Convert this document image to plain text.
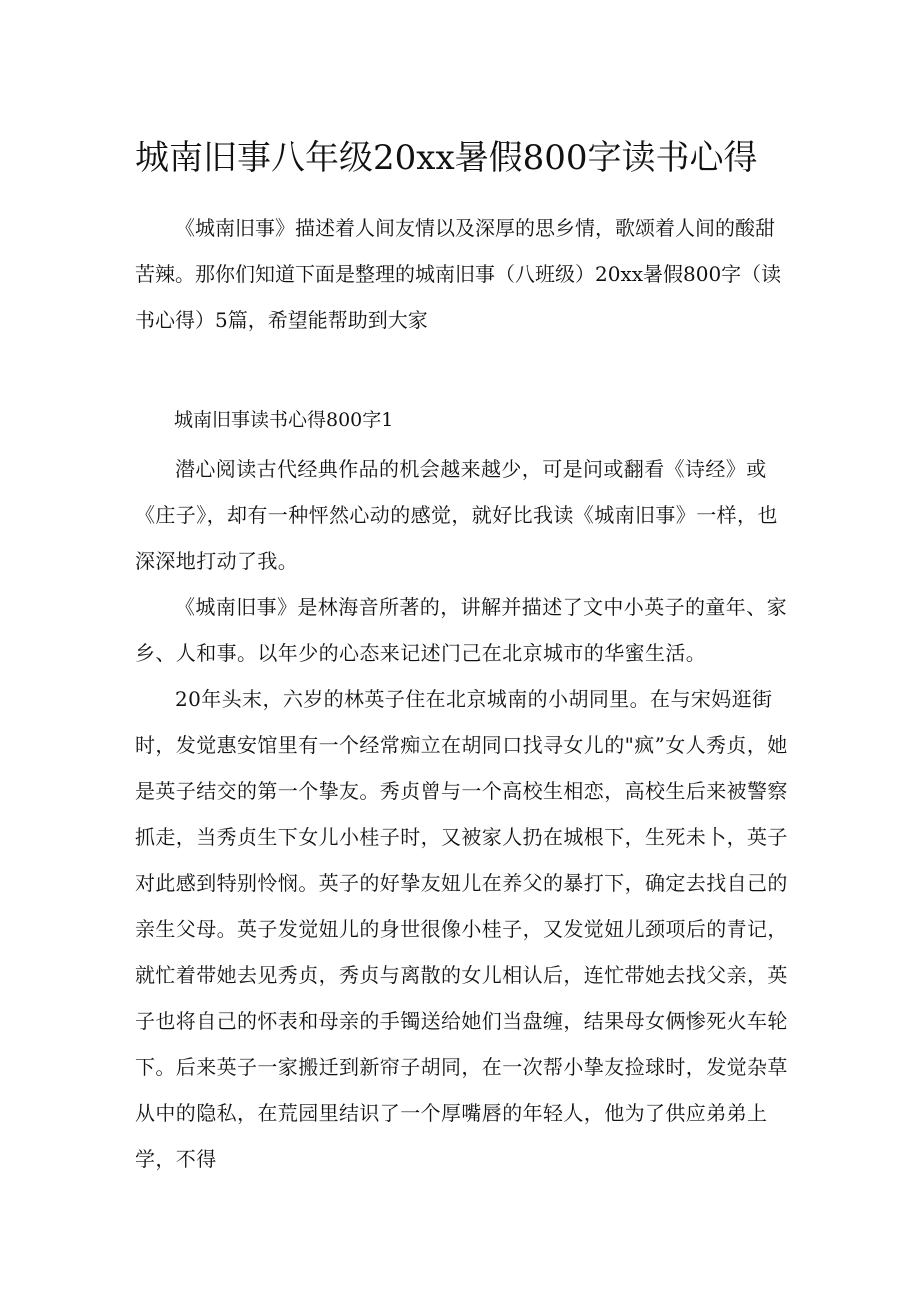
城南旧事八年级20xx暑假800字读书心得

《城南旧事》描述着人间友情以及深厚的思乡情，歌颂着人间的酸甜苦辣。那你们知道下面是整理的城南旧事（八班级）20xx暑假800字（读书心得）5篇，希望能帮助到大家

城南旧事读书心得800字1

潜心阅读古代经典作品的机会越来越少，可是问或翻看《诗经》或《庄子》，却有一种怦然心动的感觉，就好比我读《城南旧事》一样，也深深地打动了我。

《城南旧事》是林海音所著的，讲解并描述了文中小英子的童年、家乡、人和事。以年少的心态来记述门己在北京城市的华蜜生活。

20年头末，六岁的林英子住在北京城南的小胡同里。在与宋妈逛街时，发觉惠安馆里有一个经常痴立在胡同口找寻女儿的"疯”女人秀贞，她是英子结交的第一个挚友。秀贞曾与一个高校生相恋，高校生后来被警察抓走，当秀贞生下女儿小桂子时，又被家人扔在城根下，生死未卜，英子对此感到特别怜悯。英子的好挚友妞儿在养父的暴打下，确定去找自己的亲生父母。英子发觉妞儿的身世很像小桂子，又发觉妞儿颈项后的青记，就忙着带她去见秀贞，秀贞与离散的女儿相认后，连忙带她去找父亲，英子也将自己的怀表和母亲的手镯送给她们当盘缠，结果母女俩惨死火车轮下。后来英子一家搬迁到新帘子胡同，在一次帮小挚友捡球时，发觉杂草从中的隐私，在荒园里结识了一个厚嘴唇的年轻人，他为了供应弟弟上学，不得
